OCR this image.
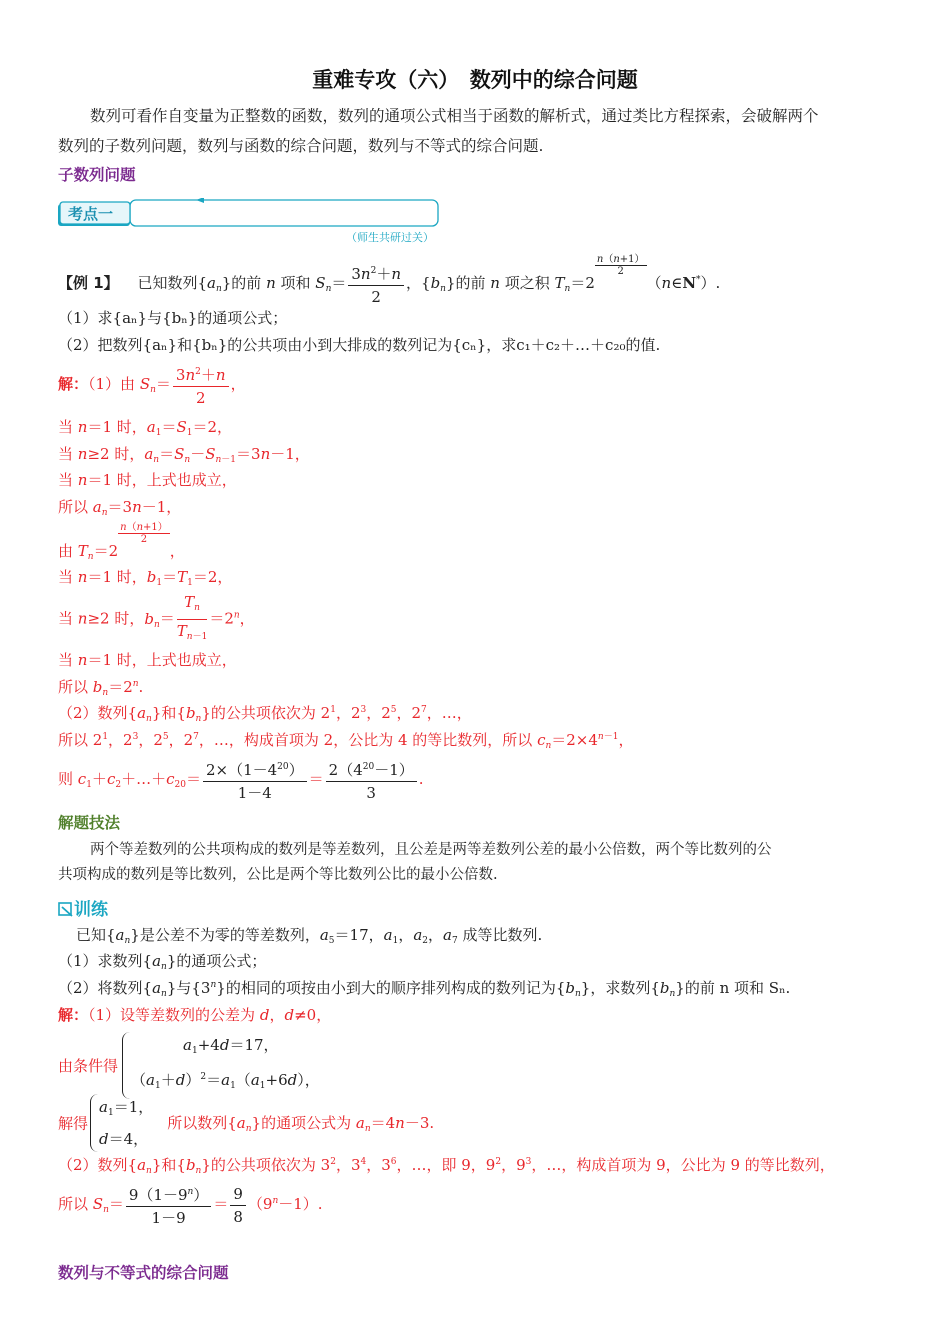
重难专攻（六）　数列中的综合问题
数列可看作自变量为正整数的函数，数列的通项公式相当于函数的解析式，通过类比方程探索，会破解两个
数列的子数列问题，数列与函数的综合问题，数列与不等式的综合问题.
子数列问题
考点一
（师生共研过关）
【例 1】 已知数列$\{a_n\}$的前 n 项和 $S_n= \frac{3n^2+n}{2}$ ，$\{b_n\}$的前 n 项之积 $T_n=2$
$\frac{n(n+1)}{2}$
（n∈N*）.
（1）求{aₙ}与{bₙ}的通项公式；
（2）把数列{aₙ}和{bₙ}的公共项由小到大排成的数列记为{cₙ}，求c₁＋c₂＋…＋c₂₀的值.
解：（1）由 $S_n= \frac{3n^2+n}{2}$ ，
当 n＝1 时，$a_1=S_1=2$，
当 n≥2 时，$a_n=S_n-S_{n-1}=3n-1$，
当 n＝1 时，上式也成立，
所以 $a_n=3n-1$，
由 $T_n=2$
$\frac{n(n+1)}{2}$
，
当 n＝1 时，$b_1=T_1=2$，
当 n≥2 时，$b_n= \frac{T_n}{T_{n-1}} =2^n$，
当 n＝1 时，上式也成立，
所以 $b_n=2^n$.
（2）数列$\{a_n\}$和$\{b_n\}$的公共项依次为 $2^1$，$2^3$，$2^5$，$2^7$，…，
所以 $2^1$，$2^3$，$2^5$，$2^7$，…，构成首项为 2，公比为 4 的等比数列，所以 $c_n=2\times 4^{n-1}$，
则 $c_1+c_2+\dots+c_{20}= \frac{2\times(1-4^{20})}{1-4} = \frac{2(4^{20}-1)}{3}$ .
解题技法
两个等差数列的公共项构成的数列是等差数列，且公差是两等差数列公差的最小公倍数，两个等比数列的公
共项构成的数列是等比数列，公比是两个等比数列公比的最小公倍数.
训练
已知$\{a_n\}$是公差不为零的等差数列，$a_5=17$，$a_1$，$a_2$，$a_7$ 成等比数列.
（1）求数列$\{a_n\}$的通项公式；
（2）将数列$\{a_n\}$与{3$^n$}的相同的项按由小到大的顺序排列构成的数列记为$\{b_n\}$，求数列$\{b_n\}$的前 n 项和 Sₙ.
解：（1）设等差数列的公差为 d，d≠0，
由条件得
$a_1+4d=17$，
$(a_1+d)^2=a_1(a_1+6d)$，
解得
$a_1=1$，
d＝4，
所以数列$\{a_n\}$的通项公式为 $a_n=4n-3$.
（2）数列$\{a_n\}$和$\{b_n\}$的公共项依次为 $3^2$，$3^4$，$3^6$，…，即 9，$9^2$，$9^3$，…，构成首项为 9，公比为 9 的等比数列，
所以 $S_n= \frac{9(1-9^n)}{1-9} = \frac{9}{8} (9^n-1)$.
数列与不等式的综合问题
